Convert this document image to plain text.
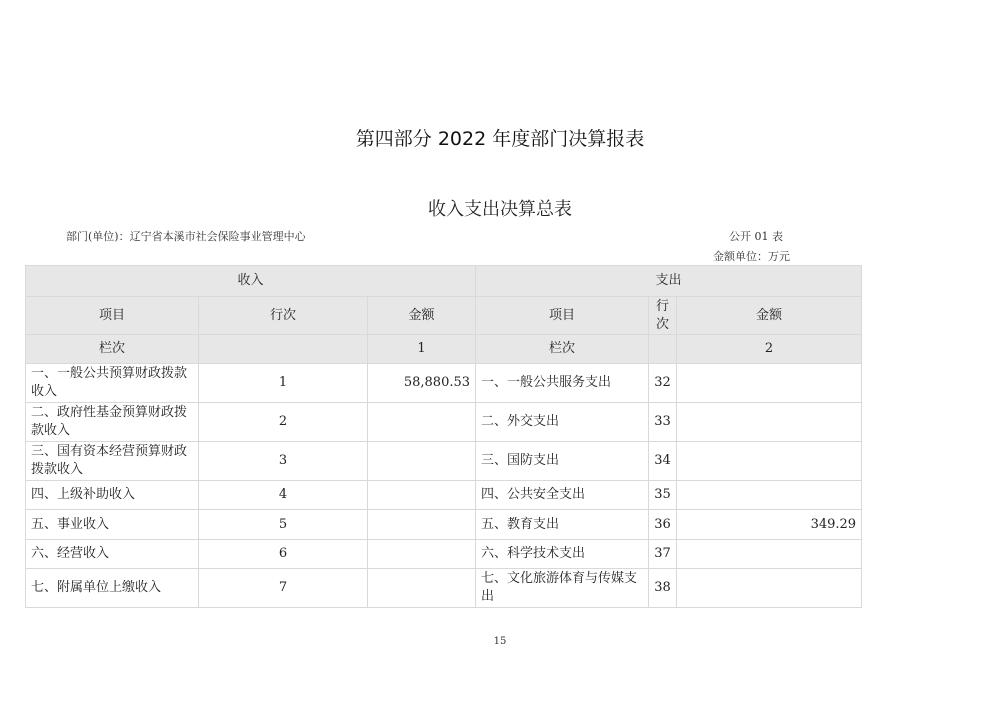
第四部分 2022 年度部门决算报表
收入支出决算总表
部门(单位)：辽宁省本溪市社会保险事业管理中心	公开 01 表
金额单位：万元
收入			支出		
项目	行次	金额	项目	行次	金额
栏次		1	栏次		2
一、一般公共预算财政拨款收入	1	58,880.53	一、一般公共服务支出	32	
二、政府性基金预算财政拨款收入	2		二、外交支出	33	
三、国有资本经营预算财政拨款收入	3		三、国防支出	34	
四、上级补助收入	4		四、公共安全支出	35	
五、事业收入	5		五、教育支出	36	349.29
六、经营收入	6		六、科学技术支出	37	
七、附属单位上缴收入	7		七、文化旅游体育与传媒支出	38	
15
